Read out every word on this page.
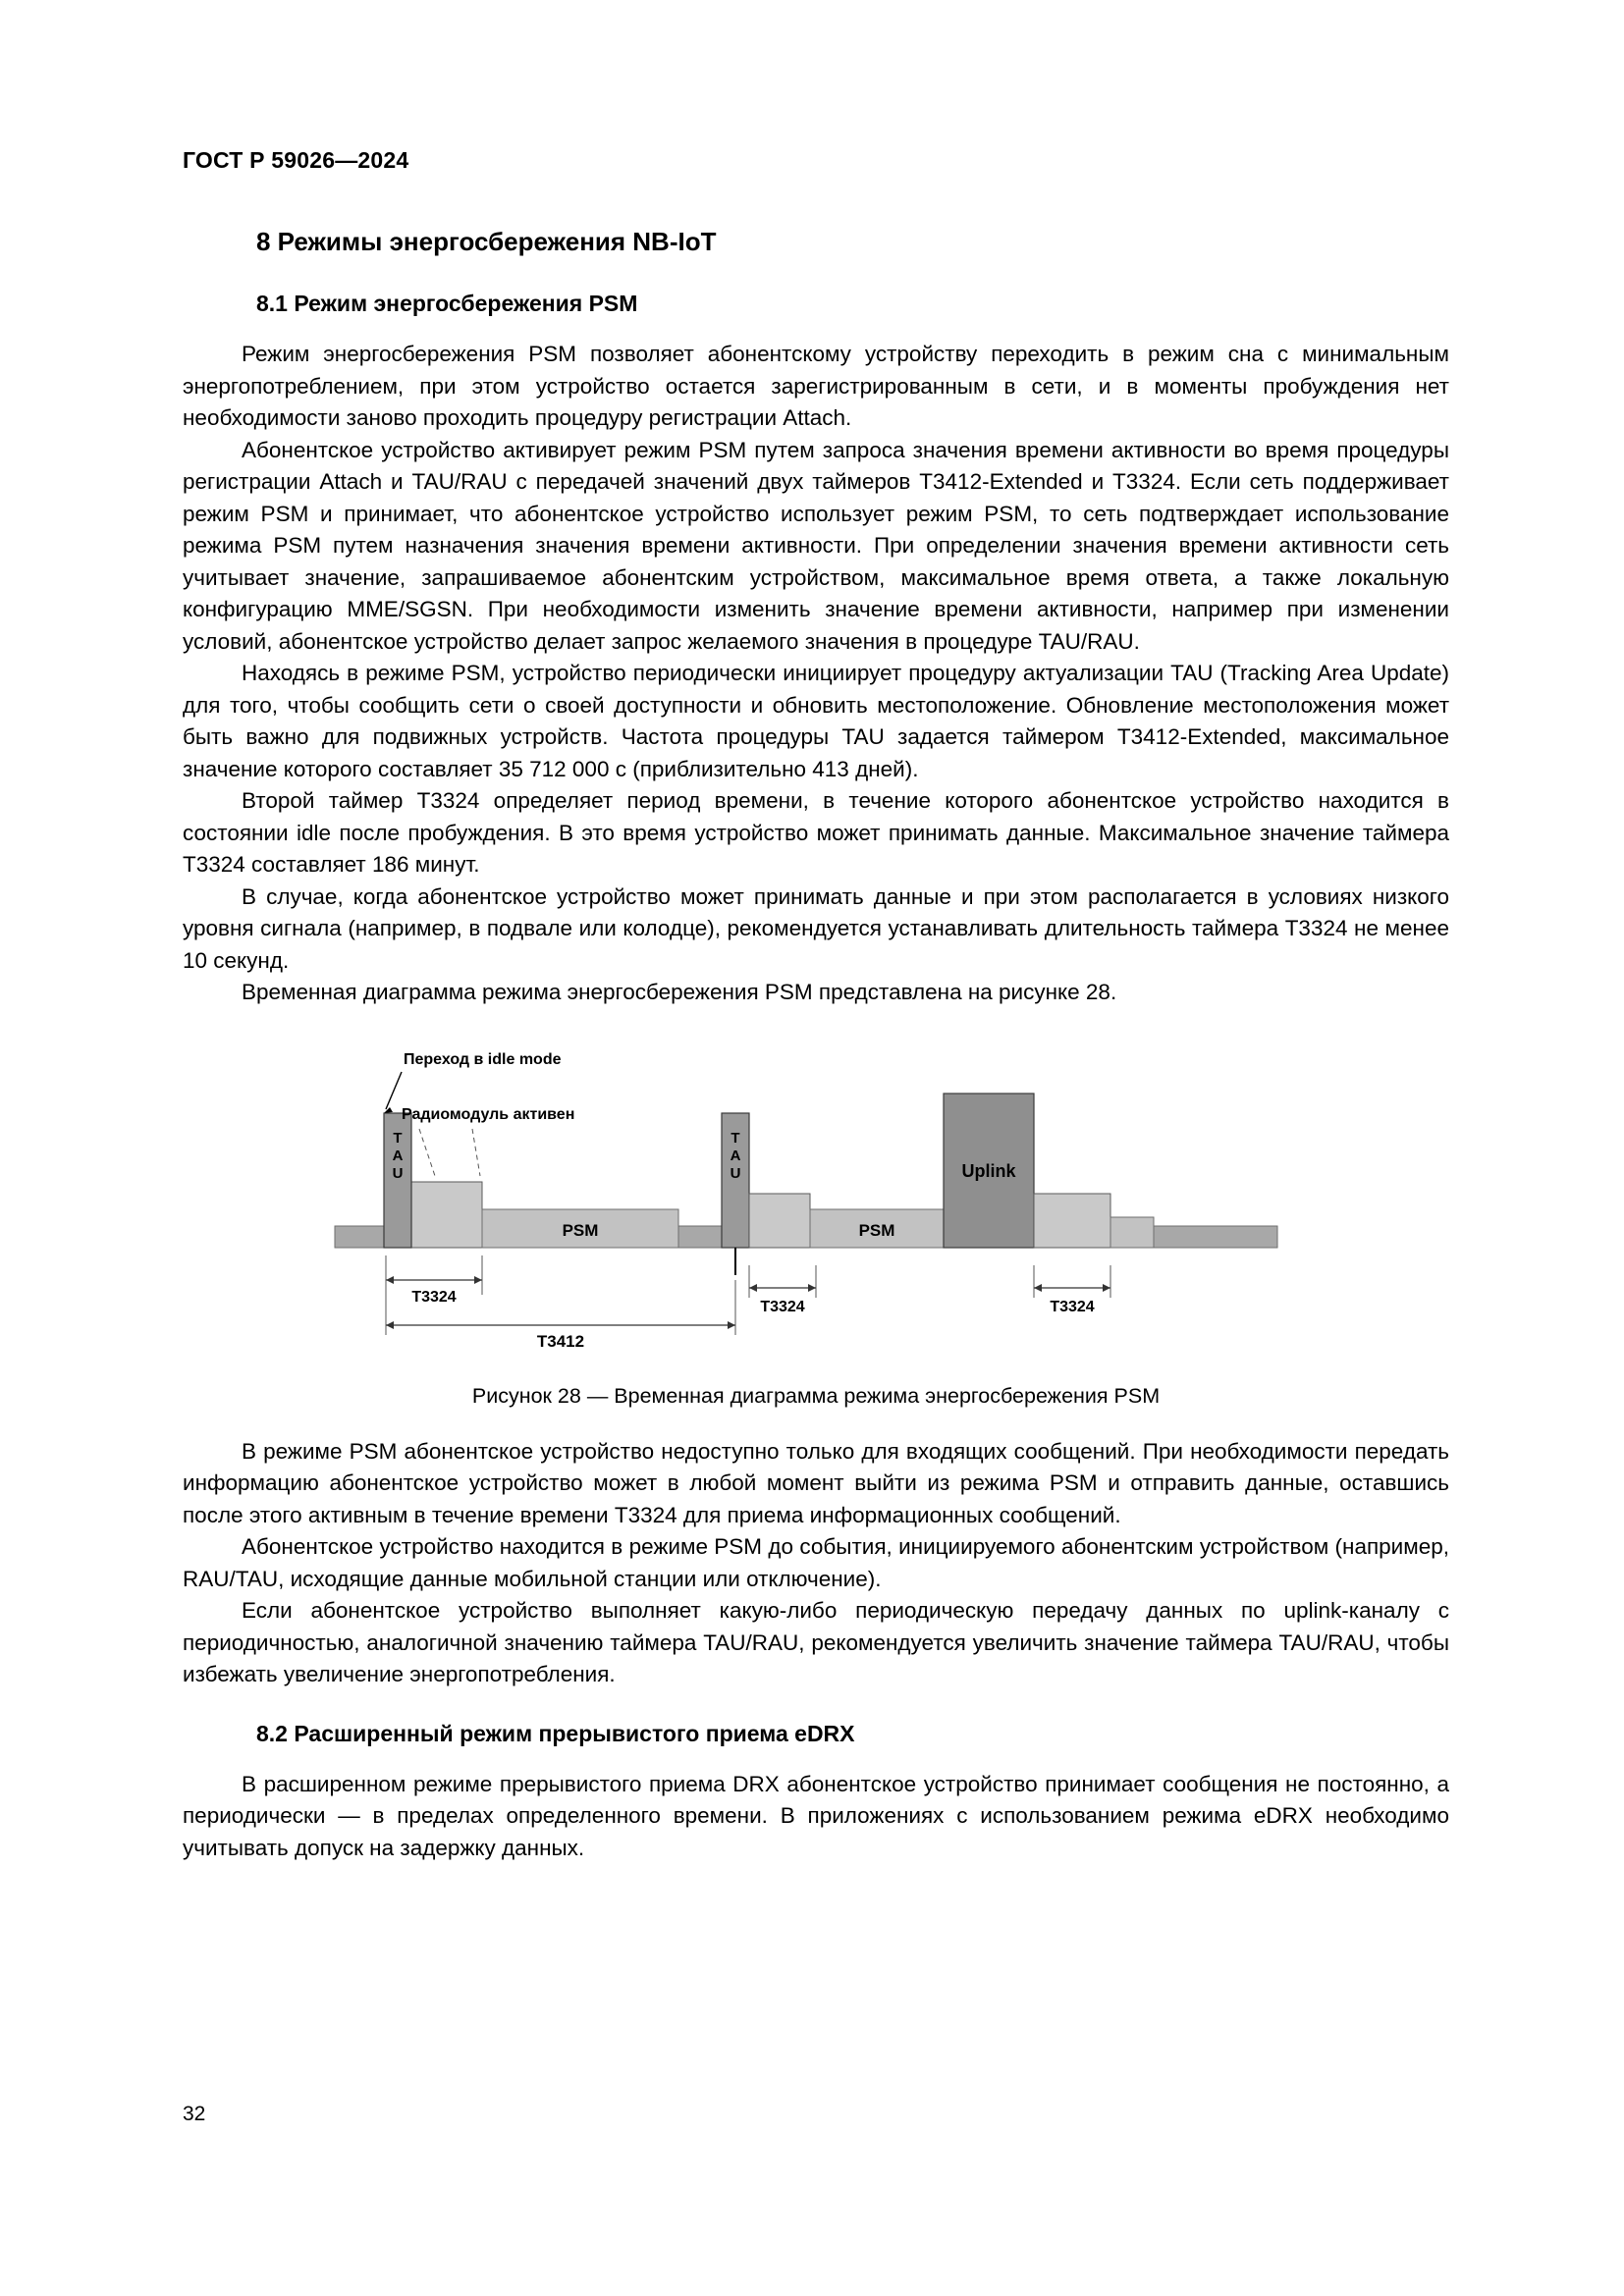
ГОСТ Р 59026—2024
8 Режимы энергосбережения NB-IoT
8.1 Режим энергосбережения PSM

Режим энергосбережения PSM позволяет абонентскому устройству переходить в режим сна с минимальным энергопотреблением, при этом устройство остается зарегистрированным в сети, и в моменты пробуждения нет необходимости заново проходить процедуру регистрации Attach.

Абонентское устройство активирует режим PSM путем запроса значения времени активности во время процедуры регистрации Attach и TAU/RAU с передачей значений двух таймеров T3412-Extended и T3324. Если сеть поддерживает режим PSM и принимает, что абонентское устройство использует режим PSM, то сеть подтверждает использование режима PSM путем назначения значения времени активности. При определении значения времени активности сеть учитывает значение, запрашиваемое абонентским устройством, максимальное время ответа, а также локальную конфигурацию MME/SGSN. При необходимости изменить значение времени активности, например при изменении условий, абонентское устройство делает запрос желаемого значения в процедуре TAU/RAU.

Находясь в режиме PSM, устройство периодически инициирует процедуру актуализации TAU (Tracking Area Update) для того, чтобы сообщить сети о своей доступности и обновить местоположение. Обновление местоположения может быть важно для подвижных устройств. Частота процедуры TAU задается таймером T3412-Extended, максимальное значение которого составляет 35 712 000 с (приблизительно 413 дней).

Второй таймер T3324 определяет период времени, в течение которого абонентское устройство находится в состоянии idle после пробуждения. В это время устройство может принимать данные. Максимальное значение таймера T3324 составляет 186 минут.

В случае, когда абонентское устройство может принимать данные и при этом располагается в условиях низкого уровня сигнала (например, в подвале или колодце), рекомендуется устанавливать длительность таймера T3324 не менее 10 секунд.

Временная диаграмма режима энергосбережения PSM представлена на рисунке 28.

Переход в idle mode
Радиомодуль активен
T
A
U
T
A
U
PSM	PSM
Uplink
T3324
T3324	T3324
T3412
Рисунок 28 — Временная диаграмма режима энергосбережения PSM

В режиме PSM абонентское устройство недоступно только для входящих сообщений. При необходимости передать информацию абонентское устройство может в любой момент выйти из режима PSM и отправить данные, оставшись после этого активным в течение времени T3324 для приема информационных сообщений.

Абонентское устройство находится в режиме PSM до события, инициируемого абонентским устройством (например, RAU/TAU, исходящие данные мобильной станции или отключение).

Если абонентское устройство выполняет какую-либо периодическую передачу данных по uplink-каналу с периодичностью, аналогичной значению таймера TAU/RAU, рекомендуется увеличить значение таймера TAU/RAU, чтобы избежать увеличение энергопотребления.

8.2 Расширенный режим прерывистого приема eDRX

В расширенном режиме прерывистого приема DRX абонентское устройство принимает сообщения не постоянно, а периодически — в пределах определенного времени. В приложениях с использованием режима eDRX необходимо учитывать допуск на задержку данных.

32
